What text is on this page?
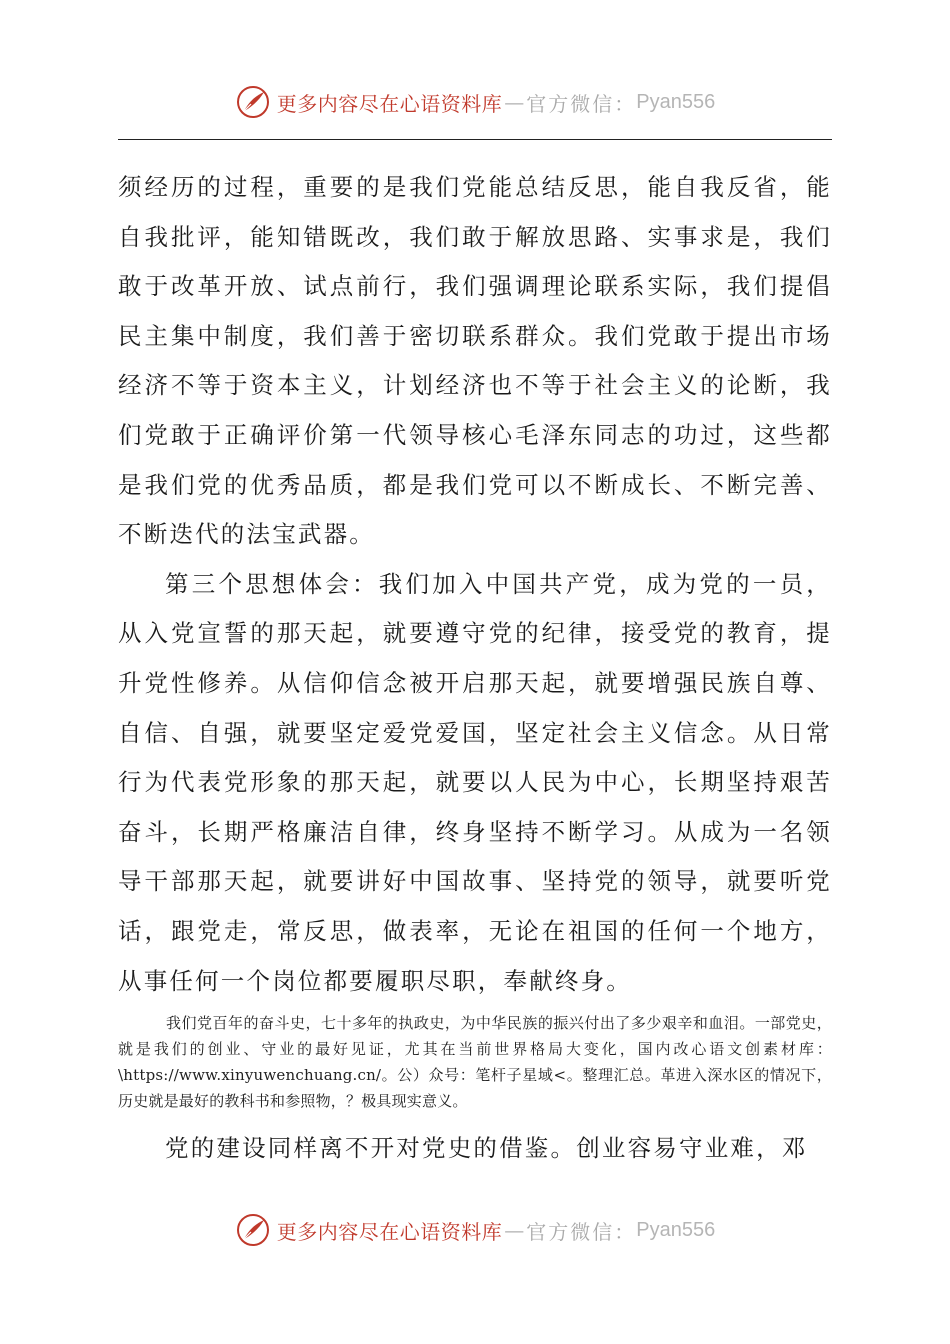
更多内容尽在心语资料库 — 官方微信： Pyan556

须经历的过程，重要的是我们党能总结反思，能自我反省，能自我批评，能知错既改，我们敢于解放思路、实事求是，我们敢于改革开放、试点前行，我们强调理论联系实际，我们提倡民主集中制度，我们善于密切联系群众。我们党敢于提出市场经济不等于资本主义，计划经济也不等于社会主义的论断，我们党敢于正确评价第一代领导核心毛泽东同志的功过，这些都是我们党的优秀品质，都是我们党可以不断成长、不断完善、不断迭代的法宝武器。

第三个思想体会：我们加入中国共产党，成为党的一员，从入党宣誓的那天起，就要遵守党的纪律，接受党的教育，提升党性修养。从信仰信念被开启那天起，就要增强民族自尊、自信、自强，就要坚定爱党爱国，坚定社会主义信念。从日常行为代表党形象的那天起，就要以人民为中心，长期坚持艰苦奋斗，长期严格廉洁自律，终身坚持不断学习。从成为一名领导干部那天起，就要讲好中国故事、坚持党的领导，就要听党话，跟党走，常反思，做表率，无论在祖国的任何一个地方，从事任何一个岗位都要履职尽职，奉献终身。

我们党百年的奋斗史，七十多年的执政史，为中华民族的振兴付出了多少艰辛和血泪。一部党史，就是我们的创业、守业的最好见证，尤其在当前世界格局大变化，国内改心语文创素材库：\https://www.xinyuwenchuang.cn/。公）众号：笔杆子星域<。整理汇总。革进入深水区的情况下，历史就是最好的教科书和参照物，？极具现实意义。

党的建设同样离不开对党史的借鉴。创业容易守业难，邓

更多内容尽在心语资料库 — 官方微信： Pyan556
